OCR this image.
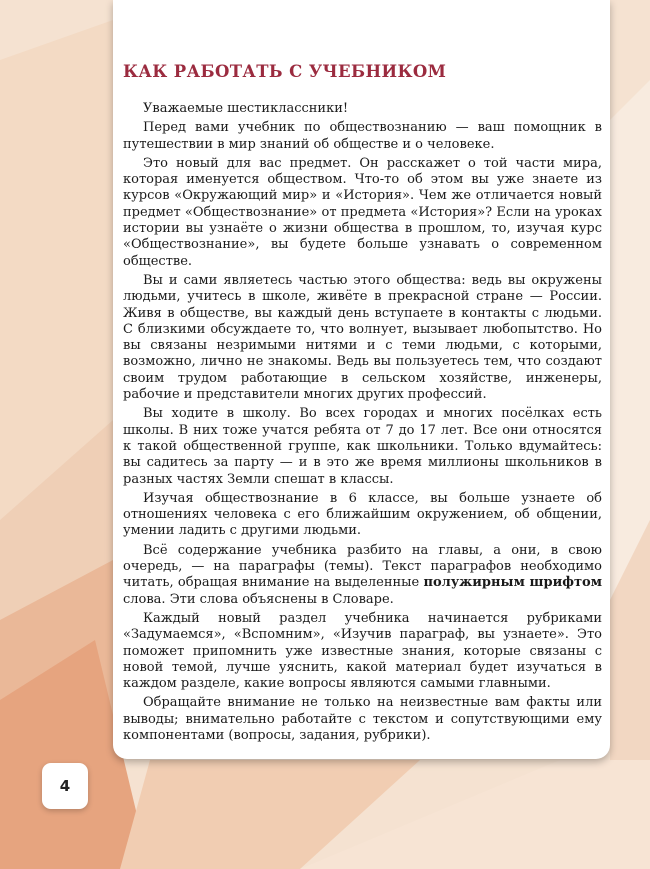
КАК РАБОТАТЬ С УЧЕБНИКОМ

Уважаемые шестиклассники!

Перед вами учебник по обществознанию — ваш помощник в путешествии в мир знаний об обществе и о человеке.

Это новый для вас предмет. Он расскажет о той части мира, которая именуется обществом. Что-то об этом вы уже знаете из курсов «Окружающий мир» и «История». Чем же отличается новый предмет «Обществознание» от предмета «История»? Если на уроках истории вы узнаёте о жизни общества в прошлом, то, изучая курс «Обществознание», вы будете больше узнавать о современном обществе.

Вы и сами являетесь частью этого общества: ведь вы окружены людьми, учитесь в школе, живёте в прекрасной стране — России. Живя в обществе, вы каждый день вступаете в контакты с людьми. С близкими обсуждаете то, что волнует, вызывает любопытство. Но вы связаны незримыми нитями и с теми людьми, с которыми, возможно, лично не знакомы. Ведь вы пользуетесь тем, что создают своим трудом работающие в сельском хозяйстве, инженеры, рабочие и представители многих других профессий.

Вы ходите в школу. Во всех городах и многих посёлках есть школы. В них тоже учатся ребята от 7 до 17 лет. Все они относятся к такой общественной группе, как школьники. Только вдумайтесь: вы садитесь за парту — и в это же время миллионы школьников в разных частях Земли спешат в классы.

Изучая обществознание в 6 классе, вы больше узнаете об отношениях человека с его ближайшим окружением, об общении, умении ладить с другими людьми.

Всё содержание учебника разбито на главы, а они, в свою очередь, — на параграфы (темы). Текст параграфов необходимо читать, обращая внимание на выделенные полужирным шрифтом слова. Эти слова объяснены в Словаре.

Каждый новый раздел учебника начинается рубриками «Задумаемся», «Вспомним», «Изучив параграф, вы узнаете». Это поможет припомнить уже известные знания, которые связаны с новой темой, лучше уяснить, какой материал будет изучаться в каждом разделе, какие вопросы являются самыми главными.

Обращайте внимание не только на неизвестные вам факты или выводы; внимательно работайте с текстом и сопутствующими ему компонентами (вопросы, задания, рубрики).

4
